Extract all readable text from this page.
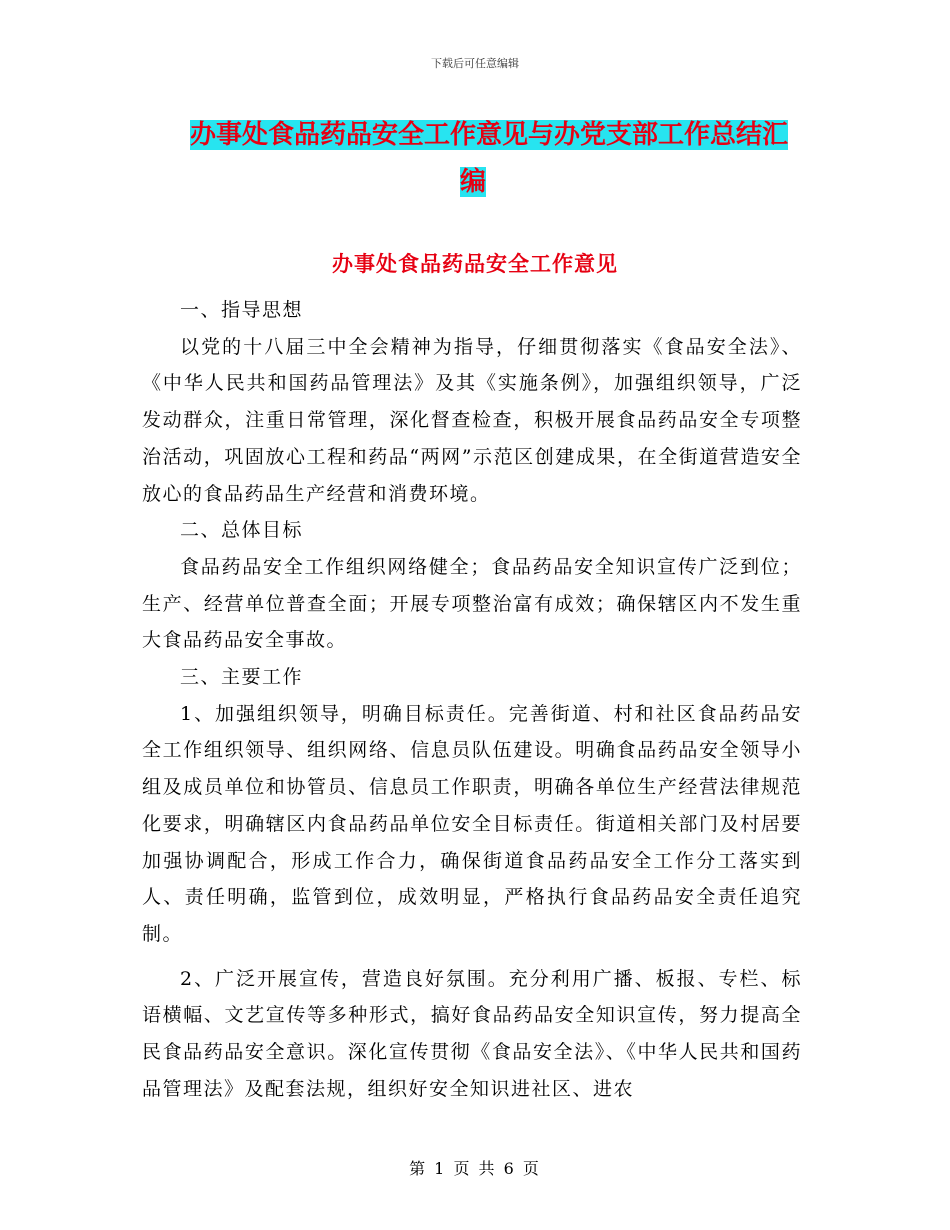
下载后可任意编辑
办事处食品药品安全工作意见与办党支部工作总结汇
编
办事处食品药品安全工作意见

一、指导思想

以党的十八届三中全会精神为指导，仔细贯彻落实《食品安全法》、《中华人民共和国药品管理法》及其《实施条例》，加强组织领导，广泛发动群众，注重日常管理，深化督查检查，积极开展食品药品安全专项整治活动，巩固放心工程和药品“两网”示范区创建成果，在全街道营造安全放心的食品药品生产经营和消费环境。

二、总体目标

食品药品安全工作组织网络健全；食品药品安全知识宣传广泛到位；生产、经营单位普查全面；开展专项整治富有成效；确保辖区内不发生重大食品药品安全事故。

三、主要工作

1、加强组织领导，明确目标责任。完善街道、村和社区食品药品安全工作组织领导、组织网络、信息员队伍建设。明确食品药品安全领导小组及成员单位和协管员、信息员工作职责，明确各单位生产经营法律规范化要求，明确辖区内食品药品单位安全目标责任。街道相关部门及村居要加强协调配合，形成工作合力，确保街道食品药品安全工作分工落实到人、责任明确，监管到位，成效明显，严格执行食品药品安全责任追究制。

2、广泛开展宣传，营造良好氛围。充分利用广播、板报、专栏、标语横幅、文艺宣传等多种形式，搞好食品药品安全知识宣传，努力提高全民食品药品安全意识。深化宣传贯彻《食品安全法》、《中华人民共和国药品管理法》及配套法规，组织好安全知识进社区、进农

第 1 页 共 6 页
